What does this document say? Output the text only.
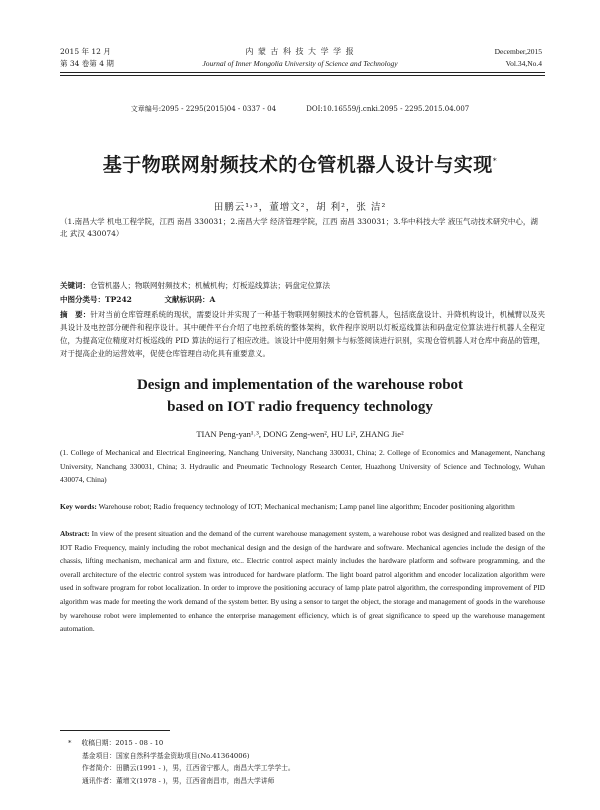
2015 年 12 月
第 34 卷第 4 期
内 蒙 古 科 技 大 学 学 报
Journal of Inner Mongolia University of Science and Technology
December,2015
Vol.34,No.4
文章编号:2095 - 2295(2015)04 - 0337 - 04	DOI:10.16559/j.cnki.2095 - 2295.2015.04.007
基于物联网射频技术的仓管机器人设计与实现*
田鹏云¹˒³，董增文²，胡 利²，张 洁²
（1.南昌大学 机电工程学院，江西 南昌 330031；2.南昌大学 经济管理学院，江西 南昌 330031；3.华中科技大学 液压气动技术研究中心，湖北 武汉 430074）
关键词：仓管机器人；物联网射频技术；机械机构；灯板巡线算法；码盘定位算法
中图分类号：TP242	文献标识码：A
摘　要：针对当前仓库管理系统的现状，需要设计并实现了一种基于物联网射频技术的仓管机器人，包括底盘设计、升降机构设计，机械臂以及夹具设计及电控部分硬件和程序设计。其中硬件平台介绍了电控系统的整体架构，软件程序说明以灯板巡线算法和码盘定位算法进行机器人全程定位，为提高定位精度对灯板巡线的 PID 算法的运行了相应改进。该设计中使用射频卡与标签阅读进行识别，实现仓管机器人对仓库中商品的管理，对于提高企业的运营效率，促使仓库管理自动化具有重要意义。
Design and implementation of the warehouse robot based on IOT radio frequency technology
TIAN Peng-yan¹˒³, DONG Zeng-wen², HU Li², ZHANG Jie²
(1. College of Mechanical and Electrical Engineering, Nanchang University, Nanchang 330031, China; 2. College of Economics and Management, Nanchang University, Nanchang 330031, China; 3. Hydraulic and Pneumatic Technology Research Center, Huazhong University of Science and Technology, Wuhan 430074, China)
Key words: Warehouse robot; Radio frequency technology of IOT; Mechanical mechanism; Lamp panel line algorithm; Encoder positioning algorithm
Abstract: In view of the present situation and the demand of the current warehouse management system, a warehouse robot was designed and realized based on the IOT Radio Frequency, mainly including the robot mechanical design and the design of the hardware and software. Mechanical agencies include the design of the chassis, lifting mechanism, mechanical arm and fixture, etc.. Electric control aspect mainly includes the hardware platform and software programming, and the overall architecture of the electric control system was introduced for hardware platform. The light board patrol algorithm and encoder localization algorithm were used in software program for robot localization. In order to improve the positioning accuracy of lamp plate patrol algorithm, the corresponding improvement of PID algorithm was made for meeting the work demand of the system better. By using a sensor to target the object, the storage and management of goods in the warehouse by warehouse robot were implemented to enhance the enterprise management efficiency, which is of great significance to speed up the warehouse management automation.
* 收稿日期：2015 - 08 - 10
基金项目：国家自然科学基金资助项目(No.41364006)
作者简介：田鹏云(1991 - )，男，江西省宁都人，南昌大学工学学士。
通讯作者：董增文(1978 - )，男，江西省南昌市，南昌大学讲师
